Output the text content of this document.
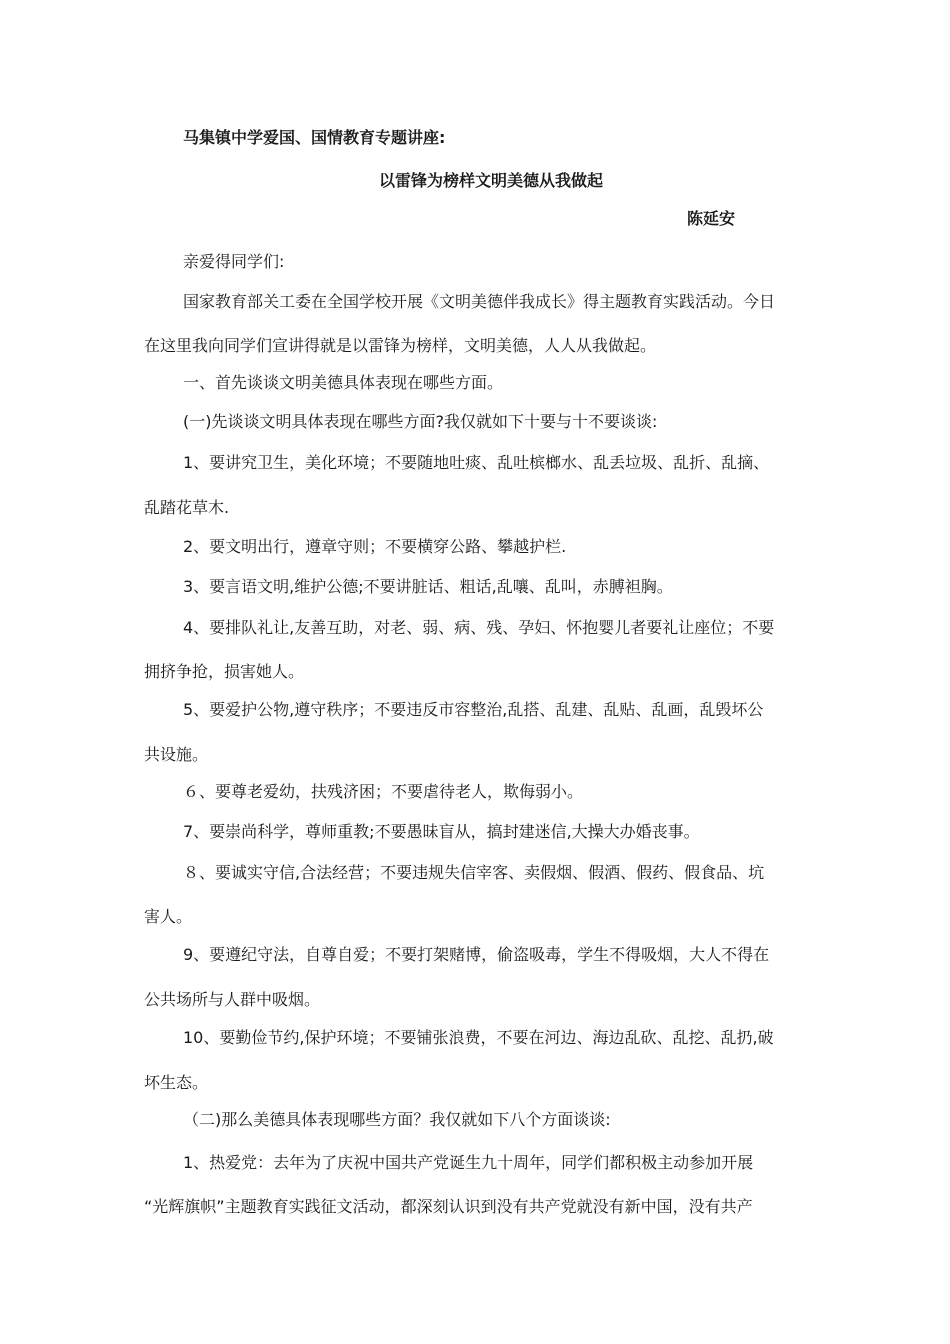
马集镇中学爱国、国情教育专题讲座:
以雷锋为榜样文明美德从我做起
陈延安
亲爱得同学们:
国家教育部关工委在全国学校开展《文明美德伴我成长》得主题教育实践活动。今日
在这里我向同学们宣讲得就是以雷锋为榜样，文明美德，人人从我做起。
一、首先谈谈文明美德具体表现在哪些方面。
(一)先谈谈文明具体表现在哪些方面?我仅就如下十要与十不要谈谈:
1、要讲究卫生，美化环境；不要随地吐痰、乱吐槟榔水、乱丢垃圾、乱折、乱摘、
乱踏花草木.
2、要文明出行，遵章守则；不要横穿公路、攀越护栏.
3、要言语文明,维护公德;不要讲脏话、粗话,乱嚷、乱叫，赤膊袒胸。
4、要排队礼让,友善互助，对老、弱、病、残、孕妇、怀抱婴儿者要礼让座位；不要
拥挤争抢，损害她人。
5、要爱护公物,遵守秩序；不要违反市容整治,乱搭、乱建、乱贴、乱画，乱毁坏公
共设施。
６、要尊老爱幼，扶残济困；不要虐待老人，欺侮弱小。
7、要崇尚科学，尊师重教;不要愚昧盲从，搞封建迷信,大操大办婚丧事。
８、要诚实守信,合法经营；不要违规失信宰客、卖假烟、假酒、假药、假食品、坑
害人。
9、要遵纪守法，自尊自爱；不要打架赌博，偷盗吸毒，学生不得吸烟，大人不得在
公共场所与人群中吸烟。
10、要勤俭节约,保护环境；不要铺张浪费，不要在河边、海边乱砍、乱挖、乱扔,破
坏生态。
（二)那么美德具体表现哪些方面？我仅就如下八个方面谈谈:
1、热爱党：去年为了庆祝中国共产党诞生九十周年，同学们都积极主动参加开展
“光辉旗帜”主题教育实践征文活动，都深刻认识到没有共产党就没有新中国，没有共产
